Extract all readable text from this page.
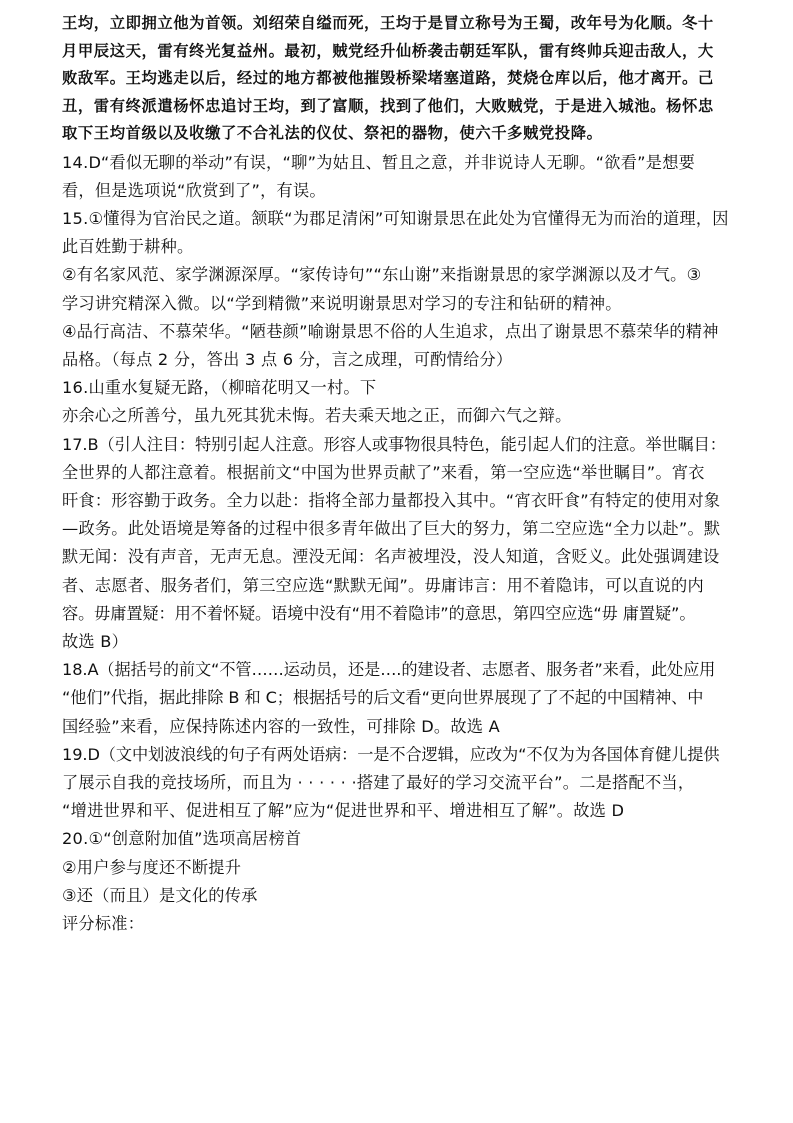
王均，立即拥立他为首领。刘绍荣自缢而死，王均于是冒立称号为王蜀，改年号为化顺。冬十

月甲辰这天，雷有终光复益州。最初，贼党经升仙桥袭击朝廷军队，雷有终帅兵迎击敌人，大

败敌军。王均逃走以后，经过的地方都被他摧毁桥梁堵塞道路，焚烧仓库以后，他才离开。己

丑，雷有终派遣杨怀忠追讨王均，到了富顺，找到了他们，大败贼党，于是进入城池。杨怀忠

取下王均首级以及收缴了不合礼法的仪仗、祭祀的器物，使六千多贼党投降。

14.D“看似无聊的举动”有误，“聊”为姑且、暂且之意，并非说诗人无聊。“欲看”是想要

看，但是选项说“欣赏到了”，有误。

15.①懂得为官治民之道。颔联“为郡足清闲”可知谢景思在此处为官懂得无为而治的道理，因

此百姓勤于耕种。

②有名家风范、家学渊源深厚。“家传诗句”“东山谢”来指谢景思的家学渊源以及才气。③

学习讲究精深入微。以“学到精微”来说明谢景思对学习的专注和钻研的精神。

④品行高洁、不慕荣华。“陋巷颜”喻谢景思不俗的人生追求，点出了谢景思不慕荣华的精神

品格。（每点 2 分，答出 3 点 6 分，言之成理，可酌情给分）

16.山重水复疑无路，（柳暗花明又一村。下

亦余心之所善兮，虽九死其犹未悔。若夫乘天地之正，而御六气之辩。

17.B（引人注目：特别引起人注意。形容人或事物很具特色，能引起人们的注意。举世瞩目：

全世界的人都注意着。根据前文“中国为世界贡献了”来看，第一空应选“举世瞩目”。宵衣

旰食：形容勤于政务。全力以赴：指将全部力量都投入其中。“宵衣旰食”有特定的使用对象

—政务。此处语境是筹备的过程中很多青年做出了巨大的努力，第二空应选“全力以赴”。默

默无闻：没有声音，无声无息。湮没无闻：名声被埋没，没人知道，含贬义。此处强调建设

者、志愿者、服务者们，第三空应选“默默无闻”。毋庸讳言：用不着隐讳，可以直说的内

容。毋庸置疑：用不着怀疑。语境中没有“用不着隐讳”的意思，第四空应选“毋 庸置疑”。

故选 B）

18.A（据括号的前文“不管……运动员，还是….的建设者、志愿者、服务者”来看，此处应用

“他们”代指，据此排除 B 和 C；根据括号的后文看“更向世界展现了了不起的中国精神、中

国经验”来看，应保持陈述内容的一致性，可排除 D。故选 A

19.D（文中划波浪线的句子有两处语病：一是不合逻辑，应改为“不仅为为各国体育健儿提供

了展示自我的竞技场所，而且为 · · · · · ·搭建了最好的学习交流平台”。二是搭配不当，

“增进世界和平、促进相互了解”应为“促进世界和平、增进相互了解”。故选 D

20.①“创意附加值”选项高居榜首

②用户参与度还不断提升

③还（而且）是文化的传承

评分标准：
